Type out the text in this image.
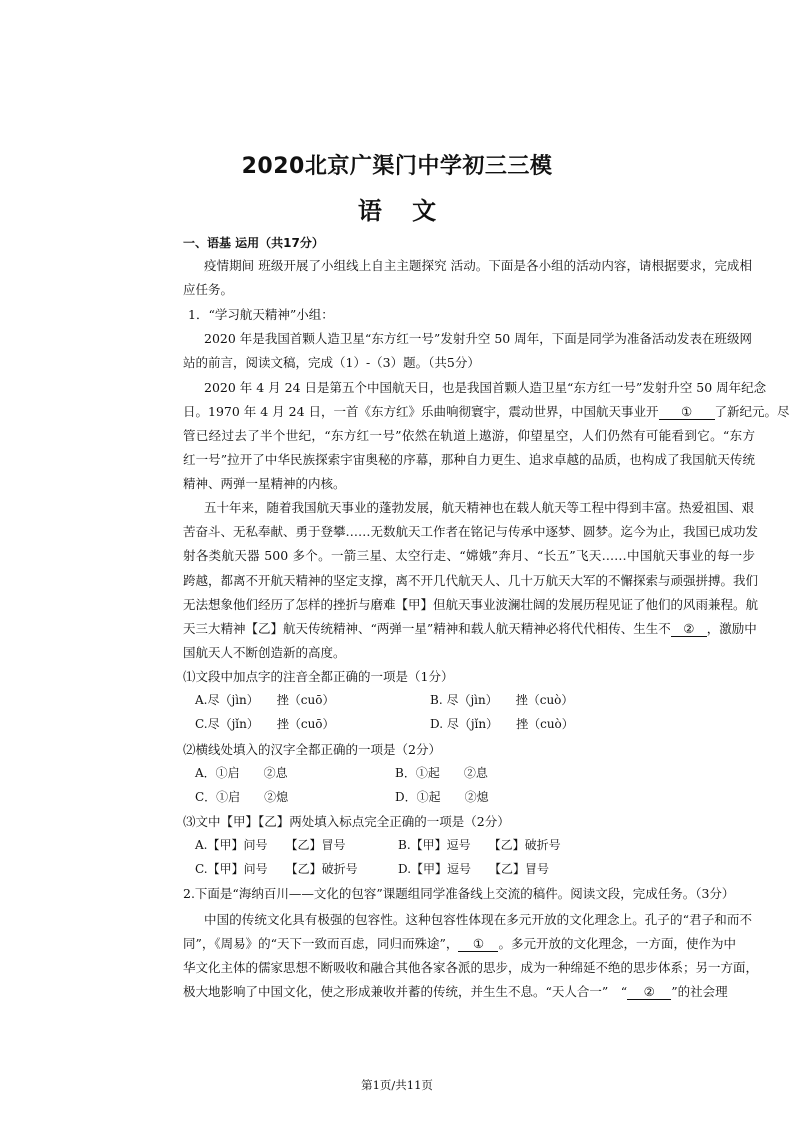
2020北京广渠门中学初三三模
语 文
一、语基 运用（共17分）
疫情期间 班级开展了小组线上自主主题探究 活动。下面是各小组的活动内容，请根据要求，完成相
应任务。
1．“学习航天精神”小组：
2020 年是我国首颗人造卫星“东方红一号”发射升空 50 周年，下面是同学为准备活动发表在班级网
站的前言，阅读文稿，完成（1）-（3）题。（共5分）
2020 年 4 月 24 日是第五个中国航天日，也是我国首颗人造卫星“东方红一号”发射升空 50 周年纪念
日。1970 年 4 月 24 日，一首《东方红》乐曲响彻寰宇，震动世界，中国航天事业开 ① 了新纪元。尽
管已经过去了半个世纪，“东方红一号”依然在轨道上遨游，仰望星空，人们仍然有可能看到它。“东方
红一号”拉开了中华民族探索宇宙奥秘的序幕，那种自力更生、追求卓越的品质，也构成了我国航天传统
精神、两弹一星精神的内核。
五十年来，随着我国航天事业的蓬勃发展，航天精神也在载人航天等工程中得到丰富。热爱祖国、艰
苦奋斗、无私奉献、勇于登攀……无数航天工作者在铭记与传承中逐梦、圆梦。迄今为止，我国已成功发
射各类航天器 500 多个。一箭三星、太空行走、“嫦娥”奔月、“长五”飞天……中国航天事业的每一步
跨越，都离不开航天精神的坚定支撑，离不开几代航天人、几十万航天大军的不懈探索与顽强拼搏。我们
无法想象他们经历了怎样的挫折与磨难【甲】但航天事业波澜壮阔的发展历程见证了他们的风雨兼程。航
天三大精神【乙】航天传统精神、“两弹一星”精神和载人航天精神必将代代相传、生生不 ② ，激励中
国航天人不断创造新的高度。
⑴文段中加点字的注音全都正确的一项是（1分）
A.尽（jìn）　　挫（cuō）	B. 尽（jìn）　　挫（cuò）
C.尽（jǐn）　　挫（cuō）	D. 尽（jǐn）　　挫（cuò）
⑵横线处填入的汉字全都正确的一项是（2分）
A．①启　　②息	B．①起　　②息
C．①启　　②熄	D．①起　　②熄
⑶文中【甲】【乙】两处填入标点完全正确的一项是（2分）
A.【甲】问号　　【乙】冒号	B.【甲】逗号　　【乙】破折号
C.【甲】问号　　【乙】破折号	D.【甲】逗号　　【乙】冒号
2.下面是“海纳百川——文化的包容”课题组同学准备线上交流的稿件。阅读文段，完成任务。（3分）
中国的传统文化具有极强的包容性。这种包容性体现在多元开放的文化理念上。孔子的“君子和而不
同”，《周易》的“天下一致而百虑，同归而殊途”， ① 。多元开放的文化理念，一方面，使作为中
华文化主体的儒家思想不断吸收和融合其他各家各派的思步，成为一种绵延不绝的思步体系；另一方面，
极大地影响了中国文化，使之形成兼收并蓄的传统，并生生不息。“天人合一”　“ ② ”的社会理
第1页/共11页
